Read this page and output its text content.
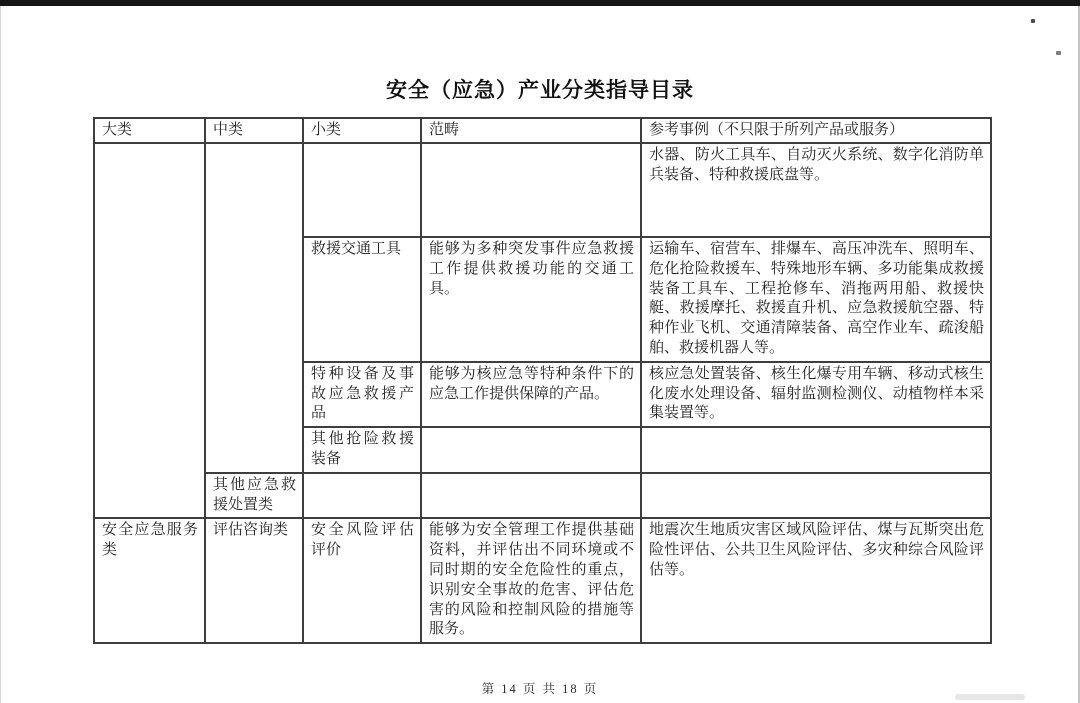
安全（应急）产业分类指导目录
大类	中类	小类	范畴	参考事例（不只限于所列产品或服务）
				水器、防火工具车、自动灭火系统、数字化消防单兵装备、特种救援底盘等。
		救援交通工具	能够为多种突发事件应急救援工作提供救援功能的交通工具。	运输车、宿营车、排爆车、高压冲洗车、照明车、危化抢险救援车、特殊地形车辆、多功能集成救援装备工具车、工程抢修车、消拖两用船、救援快艇、救援摩托、救援直升机、应急救援航空器、特种作业飞机、交通清障装备、高空作业车、疏浚船舶、救援机器人等。
		特种设备及事故应急救援产品	能够为核应急等特种条件下的应急工作提供保障的产品。	核应急处置装备、核生化爆专用车辆、移动式核生化废水处理设备、辐射监测检测仪、动植物样本采集装置等。
		其他抢险救援装备		
	其他应急救援处置类			
安全应急服务类	评估咨询类	安全风险评估评价	能够为安全管理工作提供基础资料，并评估出不同环境或不同时期的安全危险性的重点，识别安全事故的危害、评估危害的风险和控制风险的措施等服务。	地震次生地质灾害区域风险评估、煤与瓦斯突出危险性评估、公共卫生风险评估、多灾种综合风险评估等。
第 14 页 共 18 页
